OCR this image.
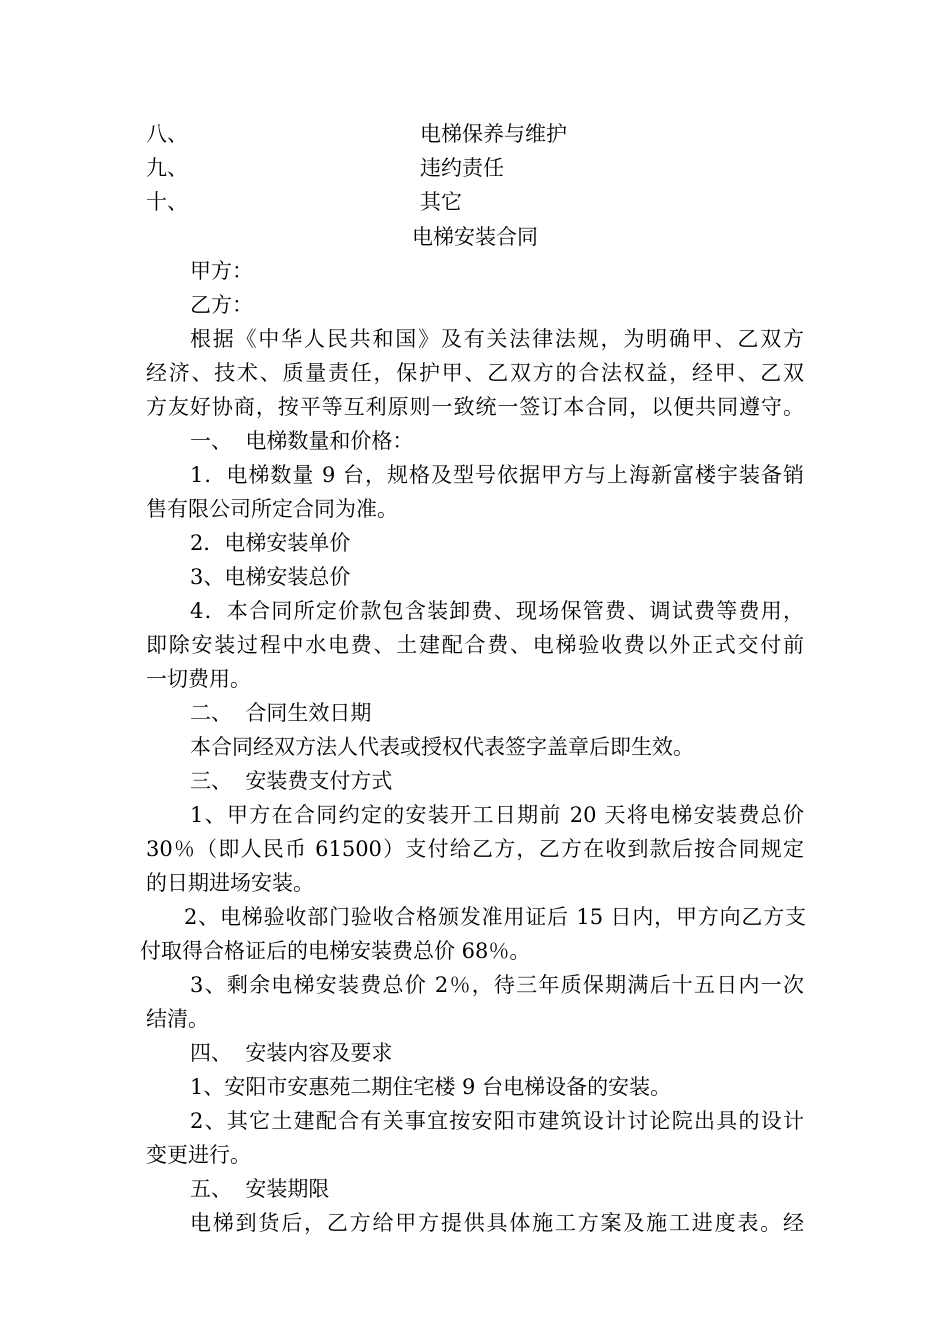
八、	电梯保养与维护
九、	违约责任
十、	其它
电梯安装合同
甲方：
乙方：
根据《中华人民共和国》及有关法律法规，为明确甲、乙双方
经济、技术、质量责任，保护甲、乙双方的合法权益，经甲、乙双
方友好协商，按平等互利原则一致统一签订本合同，以便共同遵守。
一、  电梯数量和价格：
1．电梯数量 9 台，规格及型号依据甲方与上海新富楼宇装备销
售有限公司所定合同为准。
2．电梯安装单价
3、电梯安装总价
4．本合同所定价款包含装卸费、现场保管费、调试费等费用，
即除安装过程中水电费、土建配合费、电梯验收费以外正式交付前
一切费用。
二、  合同生效日期
本合同经双方法人代表或授权代表签字盖章后即生效。
三、  安装费支付方式
1、甲方在合同约定的安装开工日期前 20 天将电梯安装费总价
30％（即人民币 61500）支付给乙方，乙方在收到款后按合同规定
的日期进场安装。
2、电梯验收部门验收合格颁发准用证后 15 日内，甲方向乙方支
付取得合格证后的电梯安装费总价 68％。
3、剩余电梯安装费总价 2％，待三年质保期满后十五日内一次
结清。
四、  安装内容及要求
1、安阳市安惠苑二期住宅楼 9 台电梯设备的安装。
2、其它土建配合有关事宜按安阳市建筑设计讨论院出具的设计
变更进行。
五、  安装期限
电梯到货后，乙方给甲方提供具体施工方案及施工进度表。经
